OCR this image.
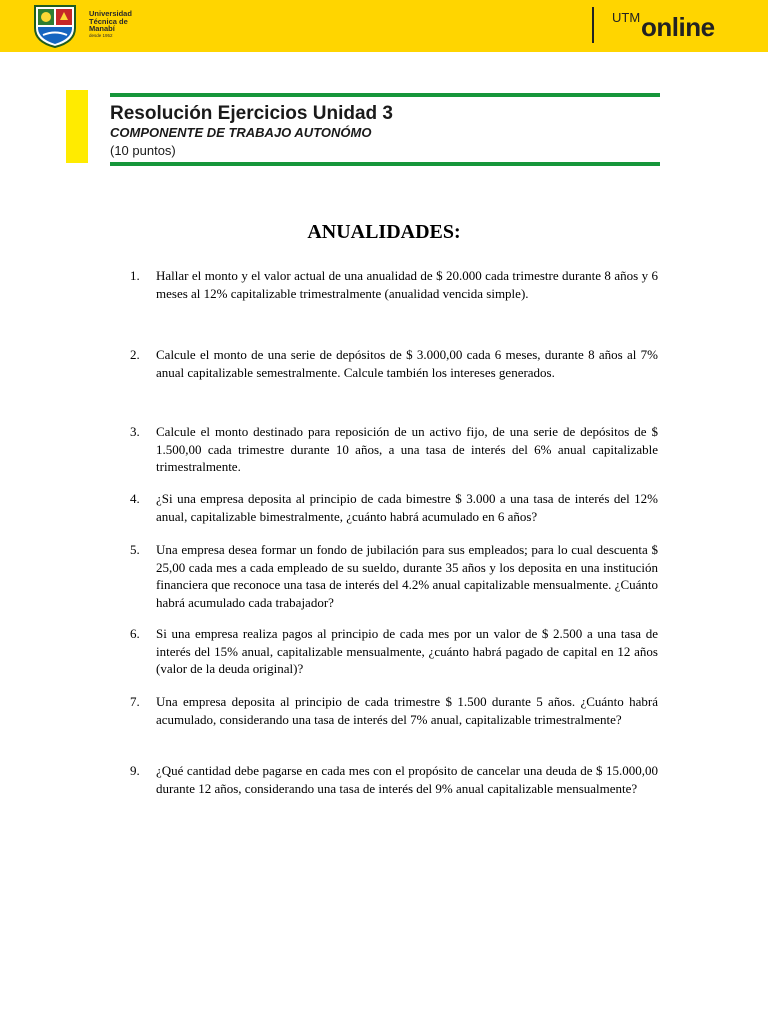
Universidad
Técnica de
Manabí
desde 1952
UTM online
Resolución Ejercicios Unidad 3
COMPONENTE DE TRABAJO AUTONÓMO
(10 puntos)
ANUALIDADES:
1.	Hallar el monto y el valor actual de una anualidad de $ 20.000 cada trimestre durante 8 años y 6 meses al 12% capitalizable trimestralmente (anualidad vencida simple).
2.	Calcule el monto de una serie de depósitos de $ 3.000,00 cada 6 meses, durante 8 años al 7% anual capitalizable semestralmente. Calcule también los intereses generados.
3.	Calcule el monto destinado para reposición de un activo fijo, de una serie de depósitos de $ 1.500,00 cada trimestre durante 10 años, a una tasa de interés del 6% anual capitalizable trimestralmente.
4.	¿Si una empresa deposita al principio de cada bimestre $ 3.000 a una tasa de interés del 12% anual, capitalizable bimestralmente, ¿cuánto habrá acumulado en 6 años?
5.	Una empresa desea formar un fondo de jubilación para sus empleados; para lo cual descuenta $ 25,00 cada mes a cada empleado de su sueldo, durante 35 años y los deposita en una institución financiera que reconoce una tasa de interés del 4.2% anual capitalizable mensualmente. ¿Cuánto habrá acumulado cada trabajador?
6.	Si una empresa realiza pagos al principio de cada mes por un valor de $ 2.500 a una tasa de interés del 15% anual, capitalizable mensualmente, ¿cuánto habrá pagado de capital en 12 años (valor de la deuda original)?
7.	Una empresa deposita al principio de cada trimestre $ 1.500 durante 5 años. ¿Cuánto habrá acumulado, considerando una tasa de interés del 7% anual, capitalizable trimestralmente?
9.	¿Qué cantidad debe pagarse en cada mes con el propósito de cancelar una deuda de $ 15.000,00 durante 12 años, considerando una tasa de interés del 9% anual capitalizable mensualmente?
